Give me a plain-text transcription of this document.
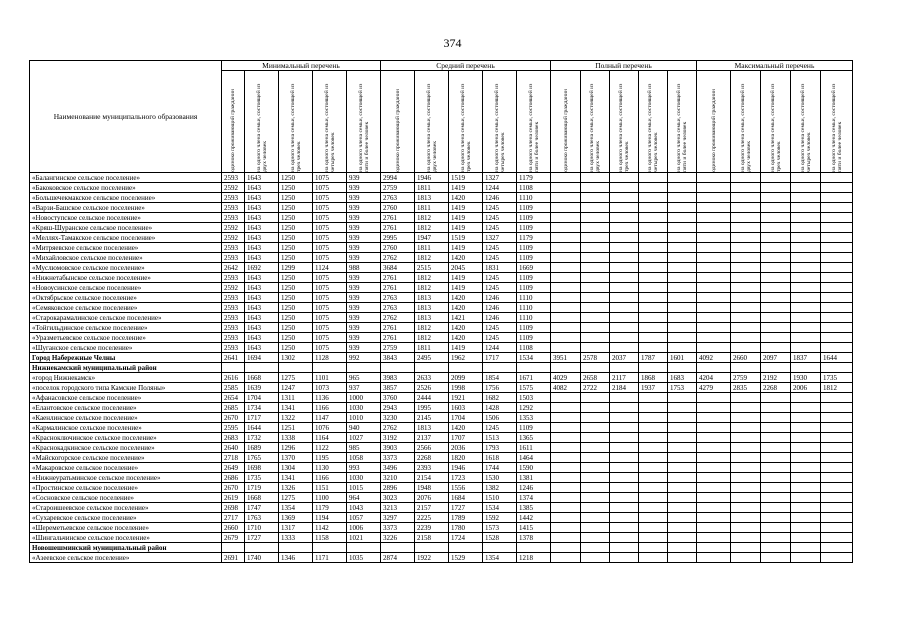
374
Наименование муниципального образования	Минимальный перечень					Средний перечень					Полный перечень					Максимальный перечень				

	одиноко проживающий гражданин	на одного члена семьи, состоящей из двух человек	на одного члена семьи, состоящей из трех человек	на одного члена семьи, состоящей из четырех человек	на одного члена семьи, состоящей из пяти и более человек	одиноко проживающий гражданин	на одного члена семьи, состоящей из двух человек	на одного члена семьи, состоящей из трех человек	на одного члена семьи, состоящей из четырех человек	на одного члена семьи, состоящей из пяти и более человек	одиноко проживающий гражданин	на одного члена семьи, состоящей из двух человек	на одного члена семьи, состоящей из трех человек	на одного члена семьи, состоящей из четырех человек	на одного члена семьи, состоящей из пяти и более человек	одиноко проживающий гражданин	на одного члена семьи, состоящей из двух человек	на одного члена семьи, состоящей из трех человек	на одного члена семьи, состоящей из четырех человек	на одного члена семьи, состоящей из пяти и более человек

«Балангинское сельское поселение»	2593	1643	1250	1075	939	2994	1946	1519	1327	1179										
«Бакоковское сельское поселение»	2592	1643	1250	1075	939	2759	1811	1419	1244	1108										
«Большечекмакское сельское поселение»	2593	1643	1250	1075	939	2763	1813	1420	1246	1110										
«Варзи-Башское сельское поселение»	2593	1643	1250	1075	939	2760	1811	1419	1245	1109										
«Новоступское сельское поселение»	2593	1643	1250	1075	939	2761	1812	1419	1245	1109										
«Кряш-Шуранское сельское поселение»	2592	1643	1250	1075	939	2761	1812	1419	1245	1109										
«Меллях-Тамакское сельское поселение»	2592	1643	1250	1075	939	2995	1947	1519	1327	1179										
«Митряевское сельское поселение»	2593	1643	1250	1075	939	2760	1811	1419	1245	1109										
«Михайловское сельское поселение»	2593	1643	1250	1075	939	2762	1812	1420	1245	1109										
«Муслюмовское сельское поселение»	2642	1692	1299	1124	988	3684	2515	2045	1831	1669										
«Нижнетабынское сельское поселение»	2593	1643	1250	1075	939	2761	1812	1419	1245	1109										
«Новоусинское сельское поселение»	2592	1643	1250	1075	939	2761	1812	1419	1245	1109										
«Октябрьское сельское поселение»	2593	1643	1250	1075	939	2763	1813	1420	1246	1110										
«Семяковское сельское поселение»	2593	1643	1250	1075	939	2763	1813	1420	1246	1110										
«Старокарамалинское сельское поселение»	2593	1643	1250	1075	939	2762	1813	1421	1246	1110										
«Тойгильдинское сельское поселение»	2593	1643	1250	1075	939	2761	1812	1420	1245	1109										
«Уразметьевское сельское поселение»	2593	1643	1250	1075	939	2761	1812	1420	1245	1109										
«Шуганское сельское поселение»	2593	1643	1250	1075	939	2759	1811	1419	1244	1108										
Город Набережные Челны	2641	1694	1302	1128	992	3843	2495	1962	1717	1534	3951	2578	2037	1787	1601	4092	2660	2097	1837	1644
Нижнекамский муниципальный район																				
«город Нижнекамск»	2616	1668	1275	1101	965	3983	2633	2099	1854	1671	4029	2658	2117	1868	1683	4204	2759	2192	1930	1735
«поселок городского типа Камские Поляны»	2585	1639	1247	1073	937	3857	2526	1998	1756	1575	4082	2722	2184	1937	1753	4279	2835	2268	2006	1812
«Афанасовское сельское поселение»	2654	1704	1311	1136	1000	3760	2444	1921	1682	1503										
«Елантовское сельское поселение»	2685	1734	1341	1166	1030	2943	1995	1603	1428	1292										
«Каенлинское сельское поселение»	2670	1717	1322	1147	1010	3230	2145	1704	1506	1353										
«Кармалинское сельское поселение»	2595	1644	1251	1076	940	2762	1813	1420	1245	1109										
«Красноключинское сельское поселение»	2683	1732	1338	1164	1027	3192	2137	1707	1513	1365										
«Краснокадкинское сельское поселение»	2640	1689	1296	1122	985	3903	2566	2036	1793	1611										
«Майскогорское сельское поселение»	2718	1765	1370	1195	1058	3373	2268	1820	1618	1464										
«Макаровское сельское поселение»	2649	1698	1304	1130	993	3496	2393	1946	1744	1590										
«Нижнеуратьминское сельское поселение»	2686	1735	1341	1166	1030	3210	2154	1723	1530	1381										
«Простинское сельское поселение»	2670	1719	1326	1151	1015	2896	1948	1556	1382	1246										
«Сосновское сельское поселение»	2619	1668	1275	1100	964	3023	2076	1684	1510	1374										
«Староишеевское сельское поселение»	2698	1747	1354	1179	1043	3213	2157	1727	1534	1385										
«Сухаревское сельское поселение»	2717	1763	1369	1194	1057	3297	2225	1789	1592	1442										
«Шереметьевское сельское поселение»	2660	1710	1317	1142	1006	3373	2239	1780	1573	1415										
«Шингальчинское сельское поселение»	2679	1727	1333	1158	1021	3226	2158	1724	1528	1378										
Новошешминский муниципальный район																				
«Азеевское сельское поселение»	2691	1740	1346	1171	1035	2874	1922	1529	1354	1218										
